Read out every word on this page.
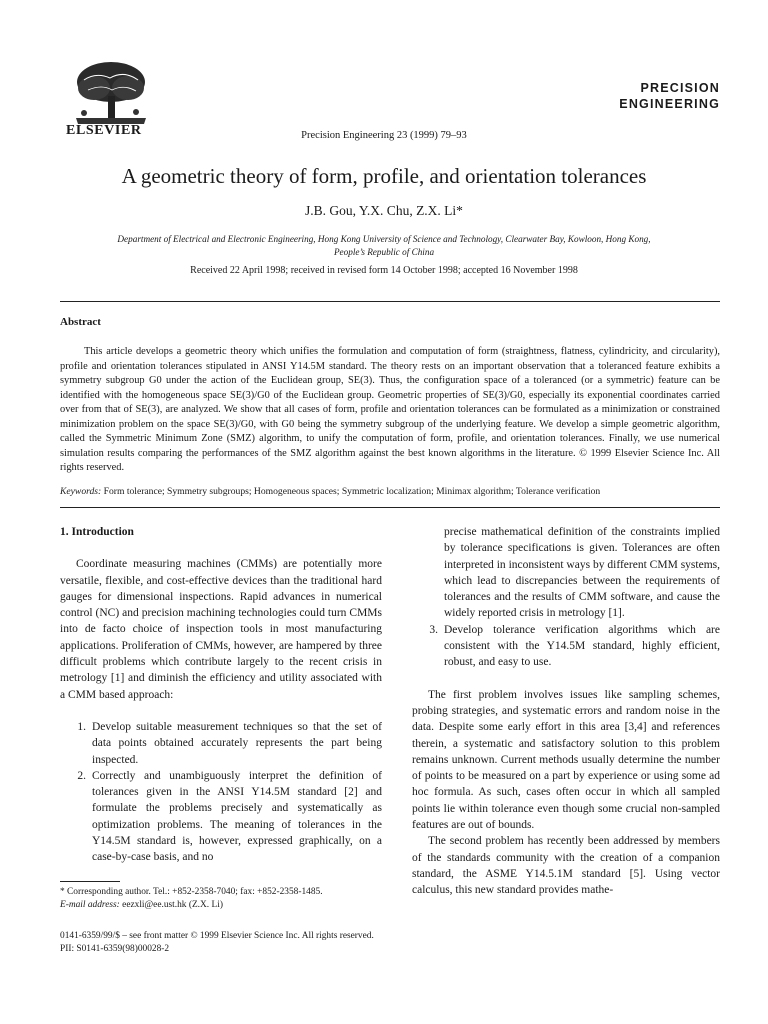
ELSEVIER	Precision Engineering 23 (1999) 79–93
PRECISION
ENGINEERING
A geometric theory of form, profile, and orientation tolerances
J.B. Gou, Y.X. Chu, Z.X. Li*
Department of Electrical and Electronic Engineering, Hong Kong University of Science and Technology, Clearwater Bay, Kowloon, Hong Kong,
People’s Republic of China
Received 22 April 1998; received in revised form 14 October 1998; accepted 16 November 1998
Abstract

This article develops a geometric theory which unifies the formulation and computation of form (straightness, flatness, cylindricity, and circularity), profile and orientation tolerances stipulated in ANSI Y14.5M standard. The theory rests on an important observation that a toleranced feature exhibits a symmetry subgroup G0 under the action of the Euclidean group, SE(3). Thus, the configuration space of a toleranced (or a symmetric) feature can be identified with the homogeneous space SE(3)/G0 of the Euclidean group. Geometric properties of SE(3)/G0, especially its exponential coordinates carried over from that of SE(3), are analyzed. We show that all cases of form, profile and orientation tolerances can be formulated as a minimization or constrained minimization problem on the space SE(3)/G0, with G0 being the symmetry subgroup of the underlying feature. We develop a simple geometric algorithm, called the Symmetric Minimum Zone (SMZ) algorithm, to unify the computation of form, profile, and orientation tolerances. Finally, we use numerical simulation results comparing the performances of the SMZ algorithm against the best known algorithms in the literature. © 1999 Elsevier Science Inc. All rights reserved.

Keywords: Form tolerance; Symmetry subgroups; Homogeneous spaces; Symmetric localization; Minimax algorithm; Tolerance verification
1. Introduction

Coordinate measuring machines (CMMs) are potentially more versatile, flexible, and cost-effective devices than the traditional hard gauges for dimensional inspections. Rapid advances in numerical control (NC) and precision machining technologies could turn CMMs into de facto choice of inspection tools in most manufacturing applications. Proliferation of CMMs, however, are hampered by three difficult problems which contribute largely to the recent crisis in metrology [1] and diminish the efficiency and utility associated with a CMM based approach:

1. Develop suitable measurement techniques so that the set of data points obtained accurately represents the part being inspected.
2. Correctly and unambiguously interpret the definition of tolerances given in the ANSI Y14.5M standard [2] and formulate the problems precisely and systematically as optimization problems. The meaning of tolerances in the Y14.5M standard is, however, expressed graphically, on a case-by-case basis, and no
* Corresponding author. Tel.: +852-2358-7040; fax: +852-2358-1485.
E-mail address: eezxli@ee.ust.hk (Z.X. Li)
0141-6359/99/$ – see front matter © 1999 Elsevier Science Inc. All rights reserved.
PII: S0141-6359(98)00028-2

precise mathematical definition of the constraints implied by tolerance specifications is given. Tolerances are often interpreted in inconsistent ways by different CMM systems, which lead to discrepancies between the requirements of tolerances and the results of CMM software, and cause the widely reported crisis in metrology [1].

3. Develop tolerance verification algorithms which are consistent with the Y14.5M standard, highly efficient, robust, and easy to use.

The first problem involves issues like sampling schemes, probing strategies, and systematic errors and random noise in the data. Despite some early effort in this area [3,4] and references therein, a systematic and satisfactory solution to this problem remains unknown. Current methods usually determine the number of points to be measured on a part by experience or using some ad hoc formula. As such, cases often occur in which all sampled points lie within tolerance even though some crucial non-sampled features are out of bounds.

The second problem has recently been addressed by members of the standards community with the creation of a companion standard, the ASME Y14.5.1M standard [5]. Using vector calculus, this new standard provides mathe-
